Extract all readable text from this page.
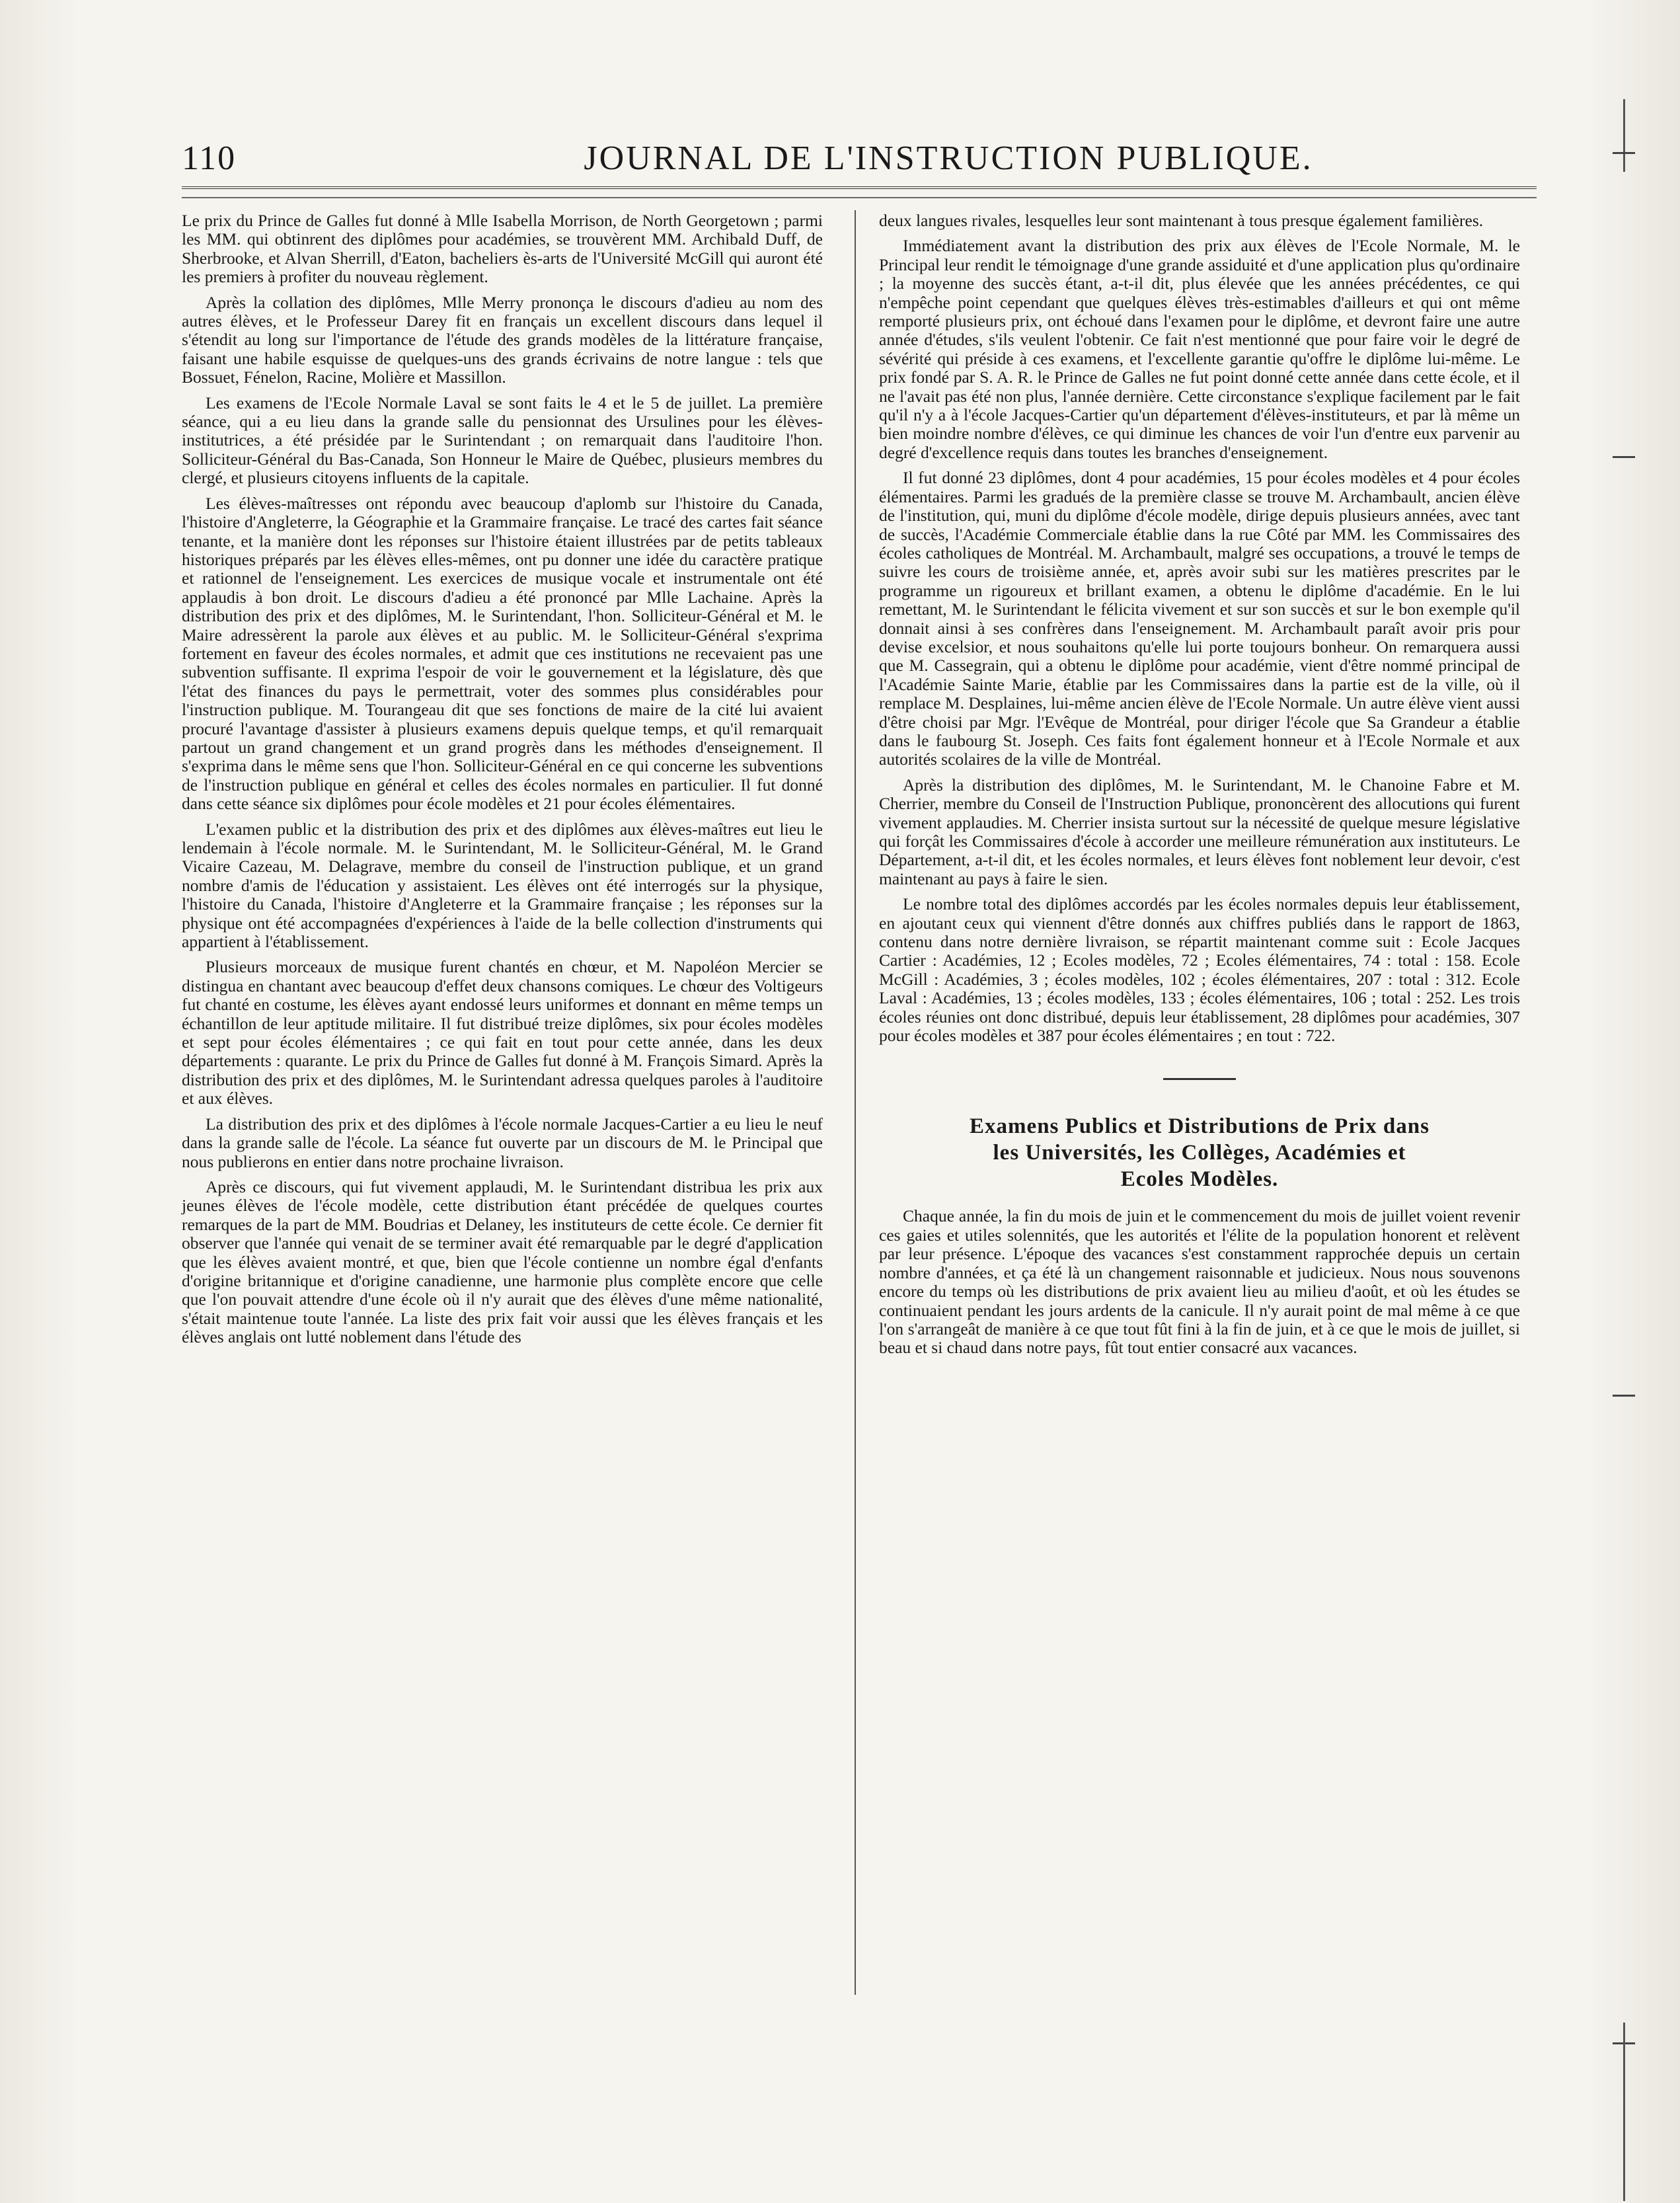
110	JOURNAL DE L'INSTRUCTION PUBLIQUE.

Le prix du Prince de Galles fut donné à Mlle Isabella Morrison, de North Georgetown ; parmi les MM. qui obtinrent des diplômes pour académies, se trouvèrent MM. Archibald Duff, de Sherbrooke, et Alvan Sherrill, d'Eaton, bacheliers ès-arts de l'Université McGill qui auront été les premiers à profiter du nouveau règlement.

Après la collation des diplômes, Mlle Merry prononça le discours d'adieu au nom des autres élèves, et le Professeur Darey fit en français un excellent discours dans lequel il s'étendit au long sur l'importance de l'étude des grands modèles de la littérature française, faisant une habile esquisse de quelques-uns des grands écrivains de notre langue : tels que Bossuet, Fénelon, Racine, Molière et Massillon.

Les examens de l'Ecole Normale Laval se sont faits le 4 et le 5 de juillet. La première séance, qui a eu lieu dans la grande salle du pensionnat des Ursulines pour les élèves-institutrices, a été présidée par le Surintendant ; on remarquait dans l'auditoire l'hon. Solliciteur-Général du Bas-Canada, Son Honneur le Maire de Québec, plusieurs membres du clergé, et plusieurs citoyens influents de la capitale.

Les élèves-maîtresses ont répondu avec beaucoup d'aplomb sur l'histoire du Canada, l'histoire d'Angleterre, la Géographie et la Grammaire française. Le tracé des cartes fait séance tenante, et la manière dont les réponses sur l'histoire étaient illustrées par de petits tableaux historiques préparés par les élèves elles-mêmes, ont pu donner une idée du caractère pratique et rationnel de l'enseignement. Les exercices de musique vocale et instrumentale ont été applaudis à bon droit. Le discours d'adieu a été prononcé par Mlle Lachaine. Après la distribution des prix et des diplômes, M. le Surintendant, l'hon. Solliciteur-Général et M. le Maire adressèrent la parole aux élèves et au public. M. le Solliciteur-Général s'exprima fortement en faveur des écoles normales, et admit que ces institutions ne recevaient pas une subvention suffisante. Il exprima l'espoir de voir le gouvernement et la législature, dès que l'état des finances du pays le permettrait, voter des sommes plus considérables pour l'instruction publique. M. Tourangeau dit que ses fonctions de maire de la cité lui avaient procuré l'avantage d'assister à plusieurs examens depuis quelque temps, et qu'il remarquait partout un grand changement et un grand progrès dans les méthodes d'enseignement. Il s'exprima dans le même sens que l'hon. Solliciteur-Général en ce qui concerne les subventions de l'instruction publique en général et celles des écoles normales en particulier. Il fut donné dans cette séance six diplômes pour école modèles et 21 pour écoles élémentaires.

L'examen public et la distribution des prix et des diplômes aux élèves-maîtres eut lieu le lendemain à l'école normale. M. le Surintendant, M. le Solliciteur-Général, M. le Grand Vicaire Cazeau, M. Delagrave, membre du conseil de l'instruction publique, et un grand nombre d'amis de l'éducation y assistaient. Les élèves ont été interrogés sur la physique, l'histoire du Canada, l'histoire d'Angleterre et la Grammaire française ; les réponses sur la physique ont été accompagnées d'expériences à l'aide de la belle collection d'instruments qui appartient à l'établissement.

Plusieurs morceaux de musique furent chantés en chœur, et M. Napoléon Mercier se distingua en chantant avec beaucoup d'effet deux chansons comiques. Le chœur des Voltigeurs fut chanté en costume, les élèves ayant endossé leurs uniformes et donnant en même temps un échantillon de leur aptitude militaire. Il fut distribué treize diplômes, six pour écoles modèles et sept pour écoles élémentaires ; ce qui fait en tout pour cette année, dans les deux départements : quarante. Le prix du Prince de Galles fut donné à M. François Simard. Après la distribution des prix et des diplômes, M. le Surintendant adressa quelques paroles à l'auditoire et aux élèves.

La distribution des prix et des diplômes à l'école normale Jacques-Cartier a eu lieu le neuf dans la grande salle de l'école. La séance fut ouverte par un discours de M. le Principal que nous publierons en entier dans notre prochaine livraison.

Après ce discours, qui fut vivement applaudi, M. le Surintendant distribua les prix aux jeunes élèves de l'école modèle, cette distribution étant précédée de quelques courtes remarques de la part de MM. Boudrias et Delaney, les instituteurs de cette école. Ce dernier fit observer que l'année qui venait de se terminer avait été remarquable par le degré d'application que les élèves avaient montré, et que, bien que l'école contienne un nombre égal d'enfants d'origine britannique et d'origine canadienne, une harmonie plus complète encore que celle que l'on pouvait attendre d'une école où il n'y aurait que des élèves d'une même nationalité, s'était maintenue toute l'année. La liste des prix fait voir aussi que les élèves français et les élèves anglais ont lutté noblement dans l'étude des

deux langues rivales, lesquelles leur sont maintenant à tous presque également familières.

Immédiatement avant la distribution des prix aux élèves de l'Ecole Normale, M. le Principal leur rendit le témoignage d'une grande assiduité et d'une application plus qu'ordinaire ; la moyenne des succès étant, a-t-il dit, plus élevée que les années précédentes, ce qui n'empêche point cependant que quelques élèves très-estimables d'ailleurs et qui ont même remporté plusieurs prix, ont échoué dans l'examen pour le diplôme, et devront faire une autre année d'études, s'ils veulent l'obtenir. Ce fait n'est mentionné que pour faire voir le degré de sévérité qui préside à ces examens, et l'excellente garantie qu'offre le diplôme lui-même. Le prix fondé par S. A. R. le Prince de Galles ne fut point donné cette année dans cette école, et il ne l'avait pas été non plus, l'année dernière. Cette circonstance s'explique facilement par le fait qu'il n'y a à l'école Jacques-Cartier qu'un département d'élèves-instituteurs, et par là même un bien moindre nombre d'élèves, ce qui diminue les chances de voir l'un d'entre eux parvenir au degré d'excellence requis dans toutes les branches d'enseignement.

Il fut donné 23 diplômes, dont 4 pour académies, 15 pour écoles modèles et 4 pour écoles élémentaires. Parmi les gradués de la première classe se trouve M. Archambault, ancien élève de l'institution, qui, muni du diplôme d'école modèle, dirige depuis plusieurs années, avec tant de succès, l'Académie Commerciale établie dans la rue Côté par MM. les Commissaires des écoles catholiques de Montréal. M. Archambault, malgré ses occupations, a trouvé le temps de suivre les cours de troisième année, et, après avoir subi sur les matières prescrites par le programme un rigoureux et brillant examen, a obtenu le diplôme d'académie. En le lui remettant, M. le Surintendant le félicita vivement et sur son succès et sur le bon exemple qu'il donnait ainsi à ses confrères dans l'enseignement. M. Archambault paraît avoir pris pour devise excelsior, et nous souhaitons qu'elle lui porte toujours bonheur. On remarquera aussi que M. Cassegrain, qui a obtenu le diplôme pour académie, vient d'être nommé principal de l'Académie Sainte Marie, établie par les Commissaires dans la partie est de la ville, où il remplace M. Desplaines, lui-même ancien élève de l'Ecole Normale. Un autre élève vient aussi d'être choisi par Mgr. l'Evêque de Montréal, pour diriger l'école que Sa Grandeur a établie dans le faubourg St. Joseph. Ces faits font également honneur et à l'Ecole Normale et aux autorités scolaires de la ville de Montréal.

Après la distribution des diplômes, M. le Surintendant, M. le Chanoine Fabre et M. Cherrier, membre du Conseil de l'Instruction Publique, prononcèrent des allocutions qui furent vivement applaudies. M. Cherrier insista surtout sur la nécessité de quelque mesure législative qui forçât les Commissaires d'école à accorder une meilleure rémunération aux instituteurs. Le Département, a-t-il dit, et les écoles normales, et leurs élèves font noblement leur devoir, c'est maintenant au pays à faire le sien.

Le nombre total des diplômes accordés par les écoles normales depuis leur établissement, en ajoutant ceux qui viennent d'être donnés aux chiffres publiés dans le rapport de 1863, contenu dans notre dernière livraison, se répartit maintenant comme suit : Ecole Jacques Cartier : Académies, 12 ; Ecoles modèles, 72 ; Ecoles élémentaires, 74 : total : 158. Ecole McGill : Académies, 3 ; écoles modèles, 102 ; écoles élémentaires, 207 : total : 312. Ecole Laval : Académies, 13 ; écoles modèles, 133 ; écoles élémentaires, 106 ; total : 252. Les trois écoles réunies ont donc distribué, depuis leur établissement, 28 diplômes pour académies, 307 pour écoles modèles et 387 pour écoles élémentaires ; en tout : 722.

Examens Publics et Distributions de Prix dans
les Universités, les Collèges, Académies et
Ecoles Modèles.

Chaque année, la fin du mois de juin et le commencement du mois de juillet voient revenir ces gaies et utiles solennités, que les autorités et l'élite de la population honorent et relèvent par leur présence. L'époque des vacances s'est constamment rapprochée depuis un certain nombre d'années, et ça été là un changement raisonnable et judicieux. Nous nous souvenons encore du temps où les distributions de prix avaient lieu au milieu d'août, et où les études se continuaient pendant les jours ardents de la canicule. Il n'y aurait point de mal même à ce que l'on s'arrangeât de manière à ce que tout fût fini à la fin de juin, et à ce que le mois de juillet, si beau et si chaud dans notre pays, fût tout entier consacré aux vacances.
